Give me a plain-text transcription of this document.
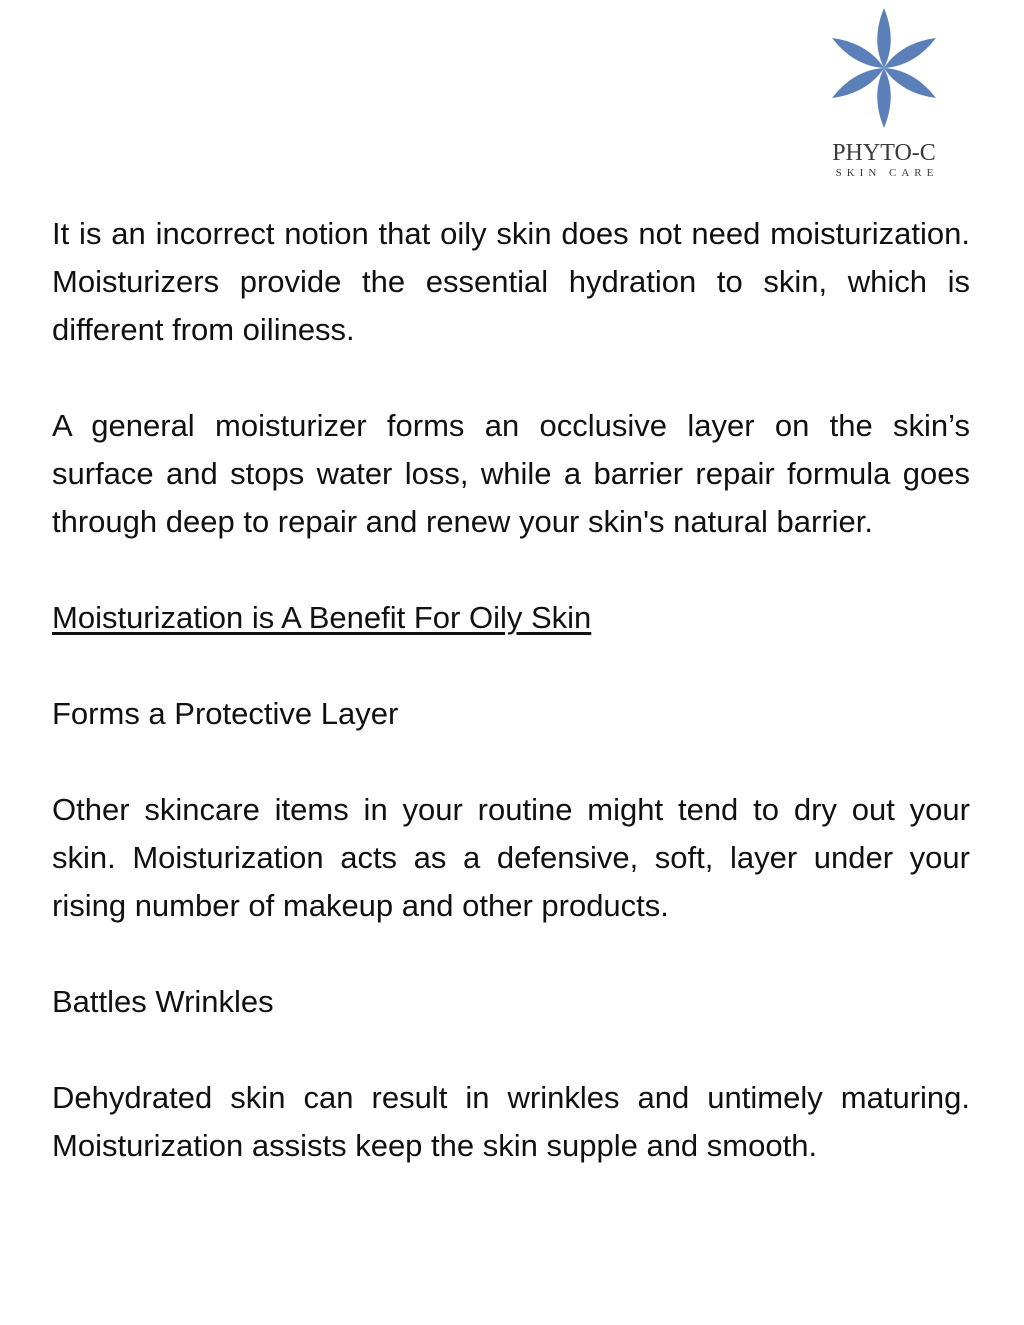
PHYTO-C
SKIN CARE

It is an incorrect notion that oily skin does not need moisturization. Moisturizers provide the essential hydration to skin, which is different from oiliness.

A general moisturizer forms an occlusive layer on the skin’s surface and stops water loss, while a barrier repair formula goes through deep to repair and renew your skin's natural barrier.

Moisturization is A Benefit For Oily Skin

Forms a Protective Layer

Other skincare items in your routine might tend to dry out your skin. Moisturization acts as a defensive, soft, layer under your rising number of makeup and other products.

Battles Wrinkles

Dehydrated skin can result in wrinkles and untimely maturing. Moisturization assists keep the skin supple and smooth.
